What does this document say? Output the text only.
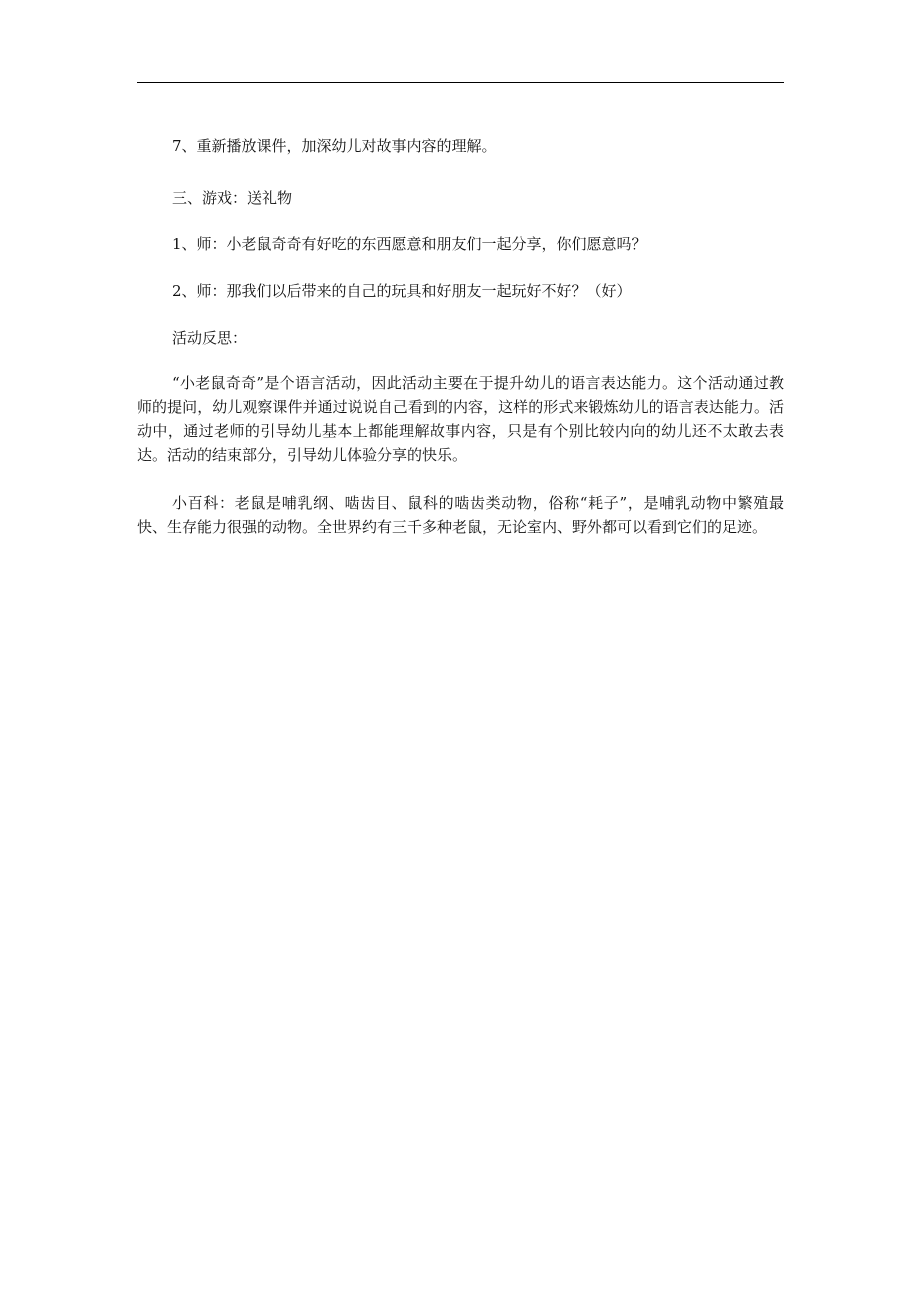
7、重新播放课件，加深幼儿对故事内容的理解。

三、游戏：送礼物

1、师：小老鼠奇奇有好吃的东西愿意和朋友们一起分享，你们愿意吗？

2、师：那我们以后带来的自己的玩具和好朋友一起玩好不好？（好）

活动反思：

“小老鼠奇奇”是个语言活动，因此活动主要在于提升幼儿的语言表达能力。这个活动通过教师的提问，幼儿观察课件并通过说说自己看到的内容，这样的形式来锻炼幼儿的语言表达能力。活动中，通过老师的引导幼儿基本上都能理解故事内容，只是有个别比较内向的幼儿还不太敢去表达。活动的结束部分，引导幼儿体验分享的快乐。

小百科：老鼠是哺乳纲、啮齿目、鼠科的啮齿类动物，俗称“耗子”，是哺乳动物中繁殖最快、生存能力很强的动物。全世界约有三千多种老鼠，无论室内、野外都可以看到它们的足迹。
